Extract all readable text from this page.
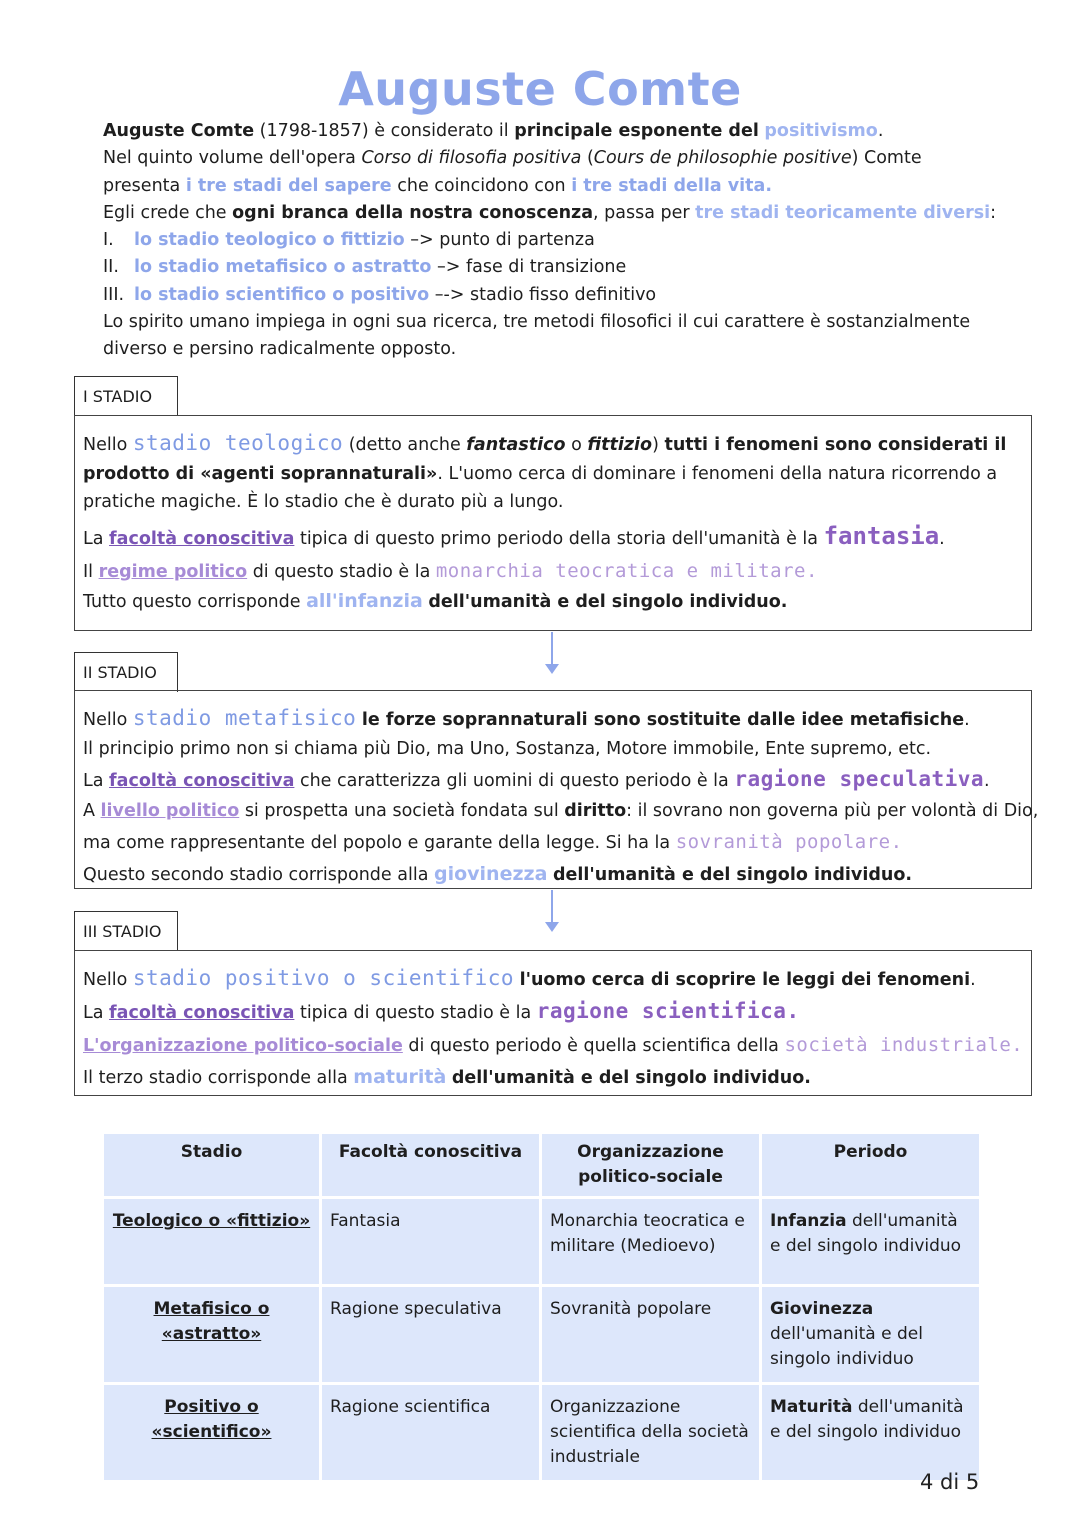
Auguste Comte

Auguste Comte (1798-1857) è considerato il principale esponente del positivismo.

Nel quinto volume dell'opera Corso di filosofia positiva (Cours de philosophie positive) Comte

presenta i tre stadi del sapere che coincidono con i tre stadi della vita.

Egli crede che ogni branca della nostra conoscenza, passa per tre stadi teoricamente diversi:

I.	lo stadio teologico o fittizio –> punto di partenza
II. lo stadio metafisico o astratto –> fase di transizione
III. lo stadio scientifico o positivo –-> stadio fisso definitivo

Lo spirito umano impiega in ogni sua ricerca, tre metodi filosofici il cui carattere è sostanzialmente

diverso e persino radicalmente opposto.

I STADIO

Nello stadio teologico (detto anche fantastico o fittizio) tutti i fenomeni sono considerati il

prodotto di «agenti soprannaturali». L'uomo cerca di dominare i fenomeni della natura ricorrendo a

pratiche magiche. È lo stadio che è durato più a lungo.

La facoltà conoscitiva tipica di questo primo periodo della storia dell'umanità è la fantasia.

Il regime politico di questo stadio è la monarchia teocratica e militare.

Tutto questo corrisponde all'infanzia dell'umanità e del singolo individuo.

II STADIO

Nello stadio metafisico le forze soprannaturali sono sostituite dalle idee metafisiche.

Il principio primo non si chiama più Dio, ma Uno, Sostanza, Motore immobile, Ente supremo, etc.

La facoltà conoscitiva che caratterizza gli uomini di questo periodo è la ragione speculativa.

A livello politico si prospetta una società fondata sul diritto: il sovrano non governa più per volontà di Dio,

ma come rappresentante del popolo e garante della legge. Si ha la sovranità popolare.

Questo secondo stadio corrisponde alla giovinezza dell'umanità e del singolo individuo.

III STADIO

Nello stadio positivo o scientifico l'uomo cerca di scoprire le leggi dei fenomeni.

La facoltà conoscitiva tipica di questo stadio è la ragione scientifica.

L'organizzazione politico-sociale di questo periodo è quella scientifica della società industriale.

Il terzo stadio corrisponde alla maturità dell'umanità e del singolo individuo.

Stadio	Facoltà conoscitiva	Organizzazione politico-sociale	Periodo
Teologico o «fittizio»	Fantasia	Monarchia teocratica e militare (Medioevo)	Infanzia dell'umanità e del singolo individuo
Metafisico o «astratto»	Ragione speculativa	Sovranità popolare	Giovinezza dell'umanità e del singolo individuo
Positivo o «scientifico»	Ragione scientifica	Organizzazione scientifica della società industriale	Maturità dell'umanità e del singolo individuo
4 di 5
